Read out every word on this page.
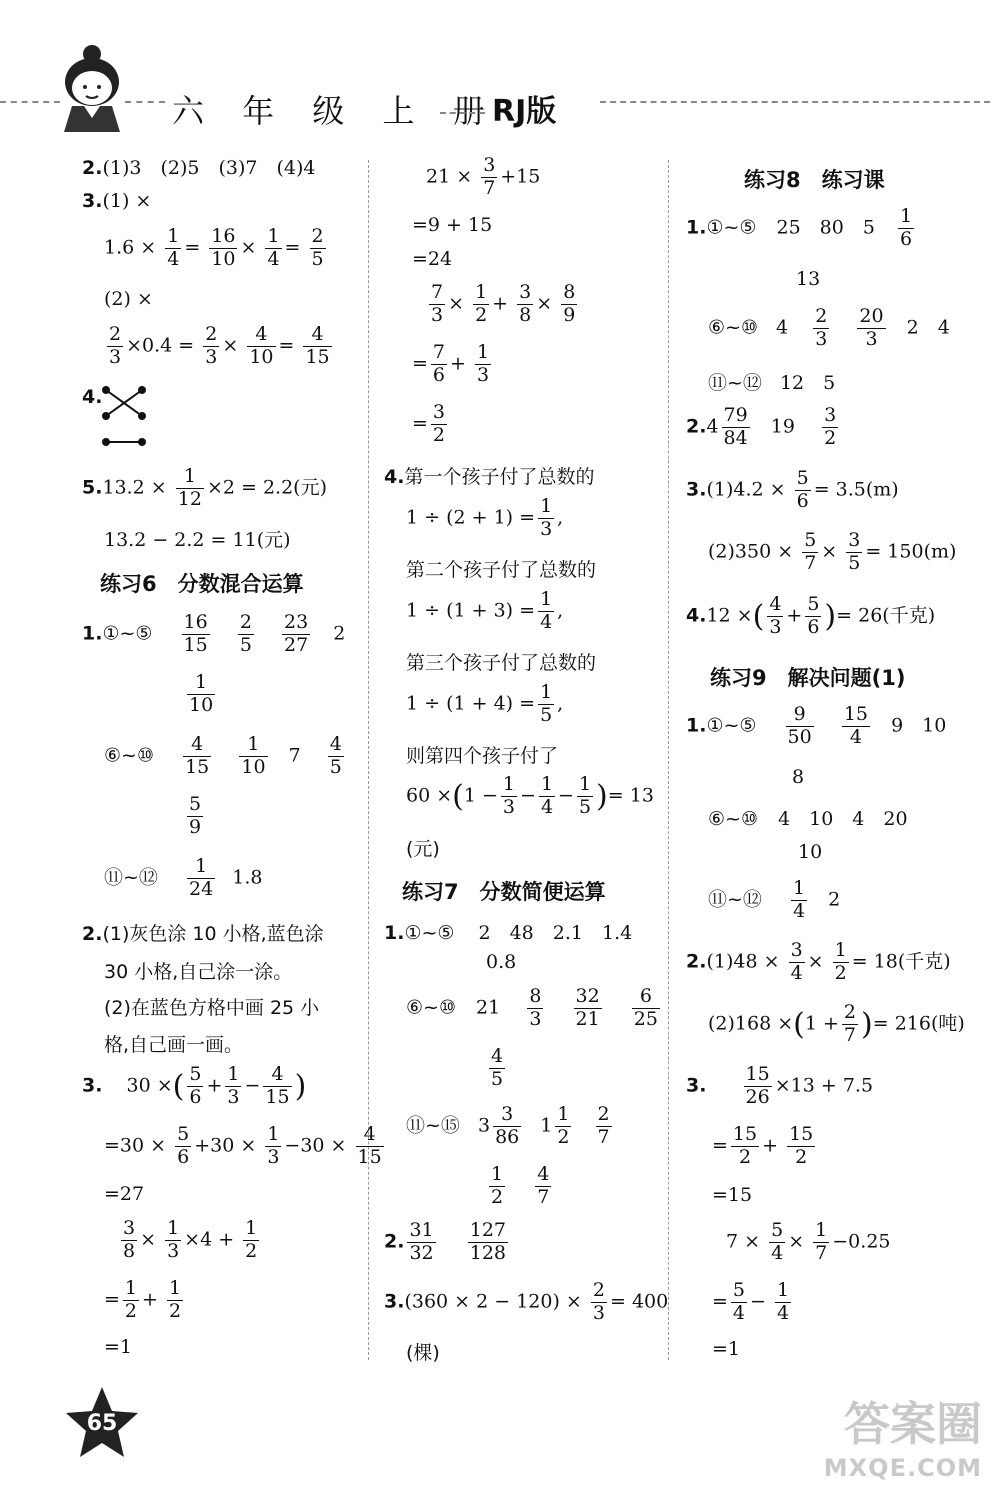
六 年 级 上 册
RJ版
2.(1)3　(2)5　(3)7　(4)4
3.(1) ×
$1.6 \times \frac{1}{4} = \frac{16}{10} \times \frac{1}{4} = \frac{2}{5}$
(2) ×
$\frac{2}{3} \times 0.4 = \frac{2}{3} \times \frac{4}{10} = \frac{4}{15}$
4.
$5.13.2 \times \frac{1}{12} \times 2 = 2.2$(元)
13.2 − 2.2 = 11(元)
练习6　分数混合运算
1.①~⑤ $\frac{16}{15}$
$\frac{2}{5}$
$\frac{23}{27} 2$
$\frac{1}{10}$
⑥~⑩ $\frac{4}{15}$
$\frac{1}{10} 7 \frac{4}{5}$
$\frac{5}{9}$
⑪~⑫ $\frac{1}{24} 1.8$
2.(1)灰色涂 10 小格,蓝色涂
30 小格,自己涂一涂。
(2)在蓝色方格中画 25 小
格,自己画一画。
3. 30 ×( $\frac{5}{6} + \frac{1}{3} - \frac{4}{15}$ )
$=30 \times \frac{5}{6} +30 \times \frac{1}{3} -30 \times \frac{4}{15}$
=27
$\frac{3}{8} \times \frac{1}{3} \times 4 + \frac{1}{2}$
= $\frac{1}{2} + \frac{1}{2}$
=1
$21 \times \frac{3}{7} +15$
=9 + 15
=24
$\frac{7}{3} \times \frac{1}{2} + \frac{3}{8} \times \frac{8}{9}$
= $\frac{7}{6} + \frac{1}{3}$
= $\frac{3}{2}$
4.第一个孩子付了总数的
$1 \div (2 + 1) = \frac{1}{3}$ ,
第二个孩子付了总数的
$1 \div (1 + 3) = \frac{1}{4}$ ,
第三个孩子付了总数的
$1 \div (1 + 4) = \frac{1}{5}$ ,
则第四个孩子付了
$60 \times(1 - \frac{1}{3} - \frac{1}{4} - \frac{1}{5}$ )= 13
(元)
练习7　分数简便运算
1.①~⑤ 2　48　2.1　1.4
0.8
⑥~⑩ $21 \frac{8}{3}$
$\frac{32}{21}$
$\frac{6}{25}$
$\frac{4}{5}$
⑪~⑮ $3 \frac{3}{86} 1 \frac{1}{2}$
$\frac{2}{7}$
$\frac{1}{2}$
$\frac{4}{7}$
2. $\frac{31}{32}$
$\frac{127}{128}$
$3.(360 \times 2 - 120) \times \frac{2}{3} = 400$
(棵)
练习8　练习课
1.①~⑤ 25　80　$5 \frac{1}{6}$
13
⑥~⑩ $4 \frac{2}{3}$
$\frac{20}{3} 2$　4
⑪~⑫ 12　5
$2.4 \frac{79}{84} 19 \frac{3}{2}$
$3.(1)4.2 \times \frac{5}{6} = 3.5(m)$
$(2)350 \times \frac{5}{7} \times \frac{3}{5} = 150(m)$
4.12 ×( $\frac{4}{3} + \frac{5}{6}$ )= 26(千克)
练习9　解决问题(1)
1.①~⑤ $\frac{9}{50}$
$\frac{15}{4} 9$　10
8
⑥~⑩ 4　10　4　20
10
⑪~⑫ $\frac{1}{4} 2$
$2.(1)48 \times \frac{3}{4} \times \frac{1}{2} = 18$(千克)
$(2)168 \times(1 + \frac{2}{7}$ )= 216(吨)
3. $\frac{15}{26} \times 13 + 7.5$
= $\frac{15}{2} + \frac{15}{2}$
=15
$7 \times \frac{5}{4} \times \frac{1}{7} -0.25$
= $\frac{5}{4} - \frac{1}{4}$
=1
65	答案圈
MXQE.COM
